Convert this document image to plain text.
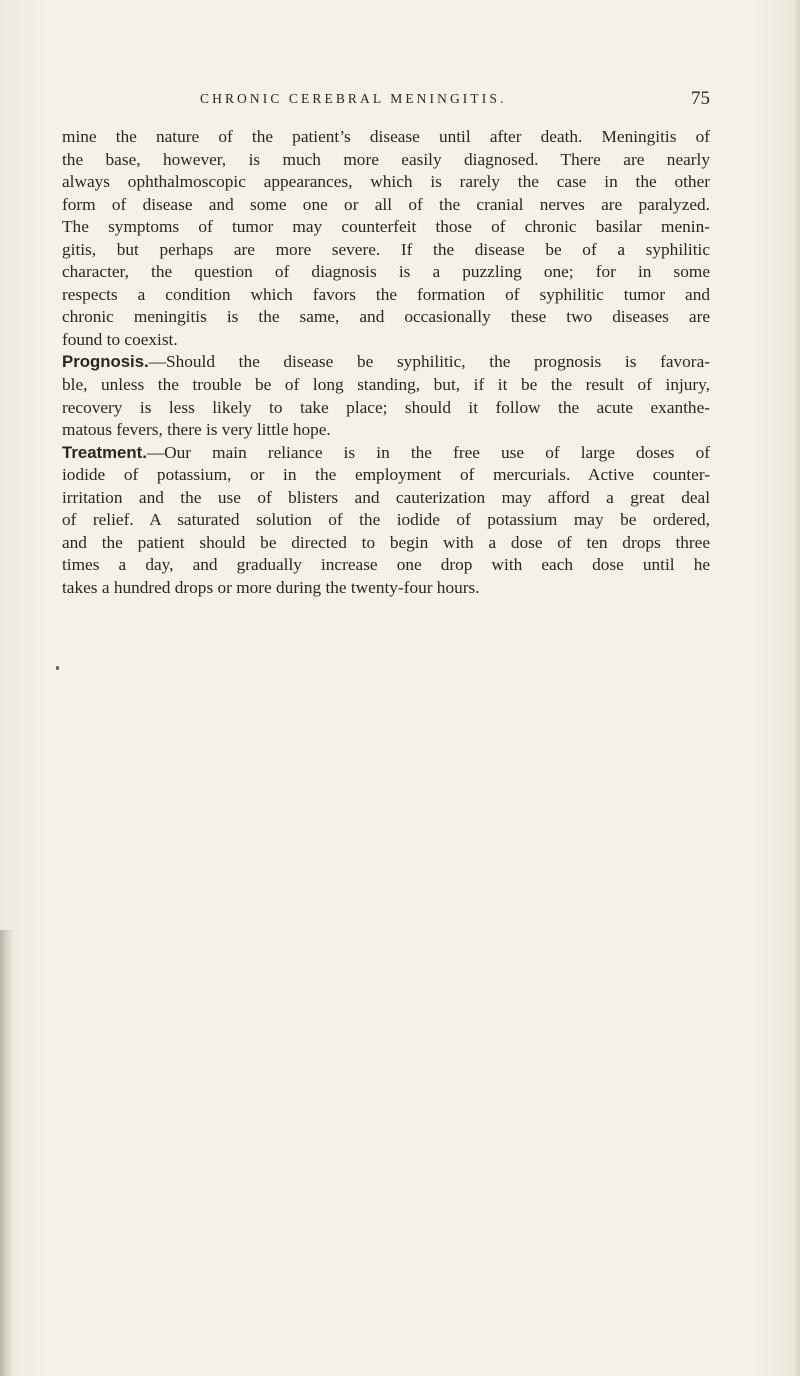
CHRONIC CEREBRAL MENINGITIS.	75
mine the nature of the patient’s disease until after death. Meningitis of
the base, however, is much more easily diagnosed. There are nearly
always ophthalmoscopic appearances, which is rarely the case in the other
form of disease and some one or all of the cranial nerves are paralyzed.
The symptoms of tumor may counterfeit those of chronic basilar menin-
gitis, but perhaps are more severe. If the disease be of a syphilitic
character, the question of diagnosis is a puzzling one; for in some
respects a condition which favors the formation of syphilitic tumor and
chronic meningitis is the same, and occasionally these two diseases are
found to coexist.
Prognosis.—Should the disease be syphilitic, the prognosis is favora-
ble, unless the trouble be of long standing, but, if it be the result of injury,
recovery is less likely to take place; should it follow the acute exanthe-
matous fevers, there is very little hope.
Treatment.—Our main reliance is in the free use of large doses of
iodide of potassium, or in the employment of mercurials. Active counter-
irritation and the use of blisters and cauterization may afford a great deal
of relief. A saturated solution of the iodide of potassium may be ordered,
and the patient should be directed to begin with a dose of ten drops three
times a day, and gradually increase one drop with each dose until he
takes a hundred drops or more during the twenty-four hours.
